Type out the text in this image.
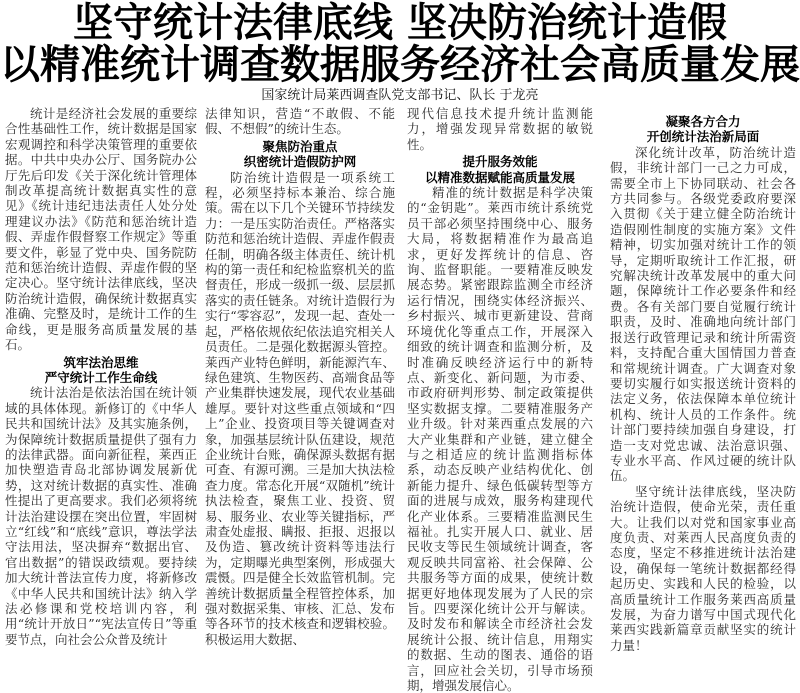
坚守统计法律底线 坚决防治统计造假
以精准统计调查数据服务经济社会高质量发展
国家统计局莱西调查队党支部书记、队长 于龙亮

统计是经济社会发展的重要综合性基础性工作，统计数据是国家宏观调控和科学决策管理的重要依据。中共中央办公厅、国务院办公厅先后印发《关于深化统计管理体制改革提高统计数据真实性的意见》《统计违纪违法责任人处分处理建议办法》《防范和惩治统计造假、弄虚作假督察工作规定》等重要文件，彰显了党中央、国务院防范和惩治统计造假、弄虚作假的坚定决心。坚守统计法律底线，坚决防治统计造假，确保统计数据真实准确、完整及时，是统计工作的生命线，更是服务高质量发展的基石。

筑牢法治思维
严守统计工作生命线

统计法治是依法治国在统计领域的具体体现。新修订的《中华人民共和国统计法》及其实施条例，为保障统计数据质量提供了强有力的法律武器。面向新征程，莱西正加快塑造青岛北部协调发展新优势，这对统计数据的真实性、准确性提出了更高要求。我们必须将统计法治建设摆在突出位置，牢固树立“红线”和“底线”意识，尊法学法守法用法，坚决摒弃“数据出官、官出数据”的错误政绩观。要持续加大统计普法宣传力度，将新修改《中华人民共和国统计法》纳入学法必修课和党校培训内容，利用“统计开放日”“宪法宣传日”等重要节点，向社会公众普及统计

法律知识，营造“不敢假、不能假、不想假”的统计生态。

聚焦防治重点
织密统计造假防护网

防治统计造假是一项系统工程，必须坚持标本兼治、综合施策。需在以下几个关键环节持续发力：一是压实防治责任。严格落实防范和惩治统计造假、弄虚作假责任制，明确各级主体责任、统计机构的第一责任和纪检监察机关的监督责任，形成一级抓一级、层层抓落实的责任链条。对统计造假行为实行“零容忍”，发现一起、查处一起，严格依规依纪依法追究相关人员责任。二是强化数据源头管控。莱西产业特色鲜明，新能源汽车、绿色建筑、生物医药、高端食品等产业集群快速发展，现代农业基础雄厚。要针对这些重点领域和“四上”企业、投资项目等关键调查对象，加强基层统计队伍建设，规范企业统计台账，确保源头数据有据可查、有源可溯。三是加大执法检查力度。常态化开展“双随机”统计执法检查，聚焦工业、投资、贸易、服务业、农业等关键指标，严肃查处虚报、瞒报、拒报、迟报以及伪造、篡改统计资料等违法行为，定期曝光典型案例，形成强大震慑。四是健全长效监管机制。完善统计数据质量全程管控体系，加强对数据采集、审核、汇总、发布等各环节的技术核查和逻辑校验。积极运用大数据、

现代信息技术提升统计监测能力，增强发现异常数据的敏锐性。

提升服务效能
以精准数据赋能高质量发展

精准的统计数据是科学决策的“金钥匙”。莱西市统计系统党员干部必须坚持围绕中心、服务大局，将数据精准作为最高追求，更好发挥统计的信息、咨询、监督职能。一要精准反映发展态势。紧密跟踪监测全市经济运行情况，围绕实体经济振兴、乡村振兴、城市更新建设、营商环境优化等重点工作，开展深入细致的统计调查和监测分析，及时准确反映经济运行中的新特点、新变化、新问题，为市委、市政府研判形势、制定政策提供坚实数据支撑。二要精准服务产业升级。针对莱西重点发展的六大产业集群和产业链，建立健全与之相适应的统计监测指标体系，动态反映产业结构优化、创新能力提升、绿色低碳转型等方面的进展与成效，服务构建现代化产业体系。三要精准监测民生福祉。扎实开展人口、就业、居民收支等民生领域统计调查，客观反映共同富裕、社会保障、公共服务等方面的成果，使统计数据更好地体现发展为了人民的宗旨。四要深化统计公开与解读。及时发布和解读全市经济社会发展统计公报、统计信息，用翔实的数据、生动的图表、通俗的语言，回应社会关切，引导市场预期，增强发展信心。

凝聚各方合力
开创统计法治新局面

深化统计改革，防治统计造假，非统计部门一己之力可成，需要全市上下协同联动、社会各方共同参与。各级党委政府要深入贯彻《关于建立健全防治统计造假刚性制度的实施方案》文件精神，切实加强对统计工作的领导，定期听取统计工作汇报，研究解决统计改革发展中的重大问题，保障统计工作必要条件和经费。各有关部门要自觉履行统计职责，及时、准确地向统计部门报送行政管理记录和统计所需资料，支持配合重大国情国力普查和常规统计调查。广大调查对象要切实履行如实报送统计资料的法定义务，依法保障本单位统计机构、统计人员的工作条件。统计部门要持续加强自身建设，打造一支对党忠诚、法治意识强、专业水平高、作风过硬的统计队伍。

坚守统计法律底线，坚决防治统计造假，使命光荣，责任重大。让我们以对党和国家事业高度负责、对莱西人民高度负责的态度，坚定不移推进统计法治建设，确保每一笔统计数据都经得起历史、实践和人民的检验，以高质量统计工作服务莱西高质量发展，为奋力谱写中国式现代化莱西实践新篇章贡献坚实的统计力量！
